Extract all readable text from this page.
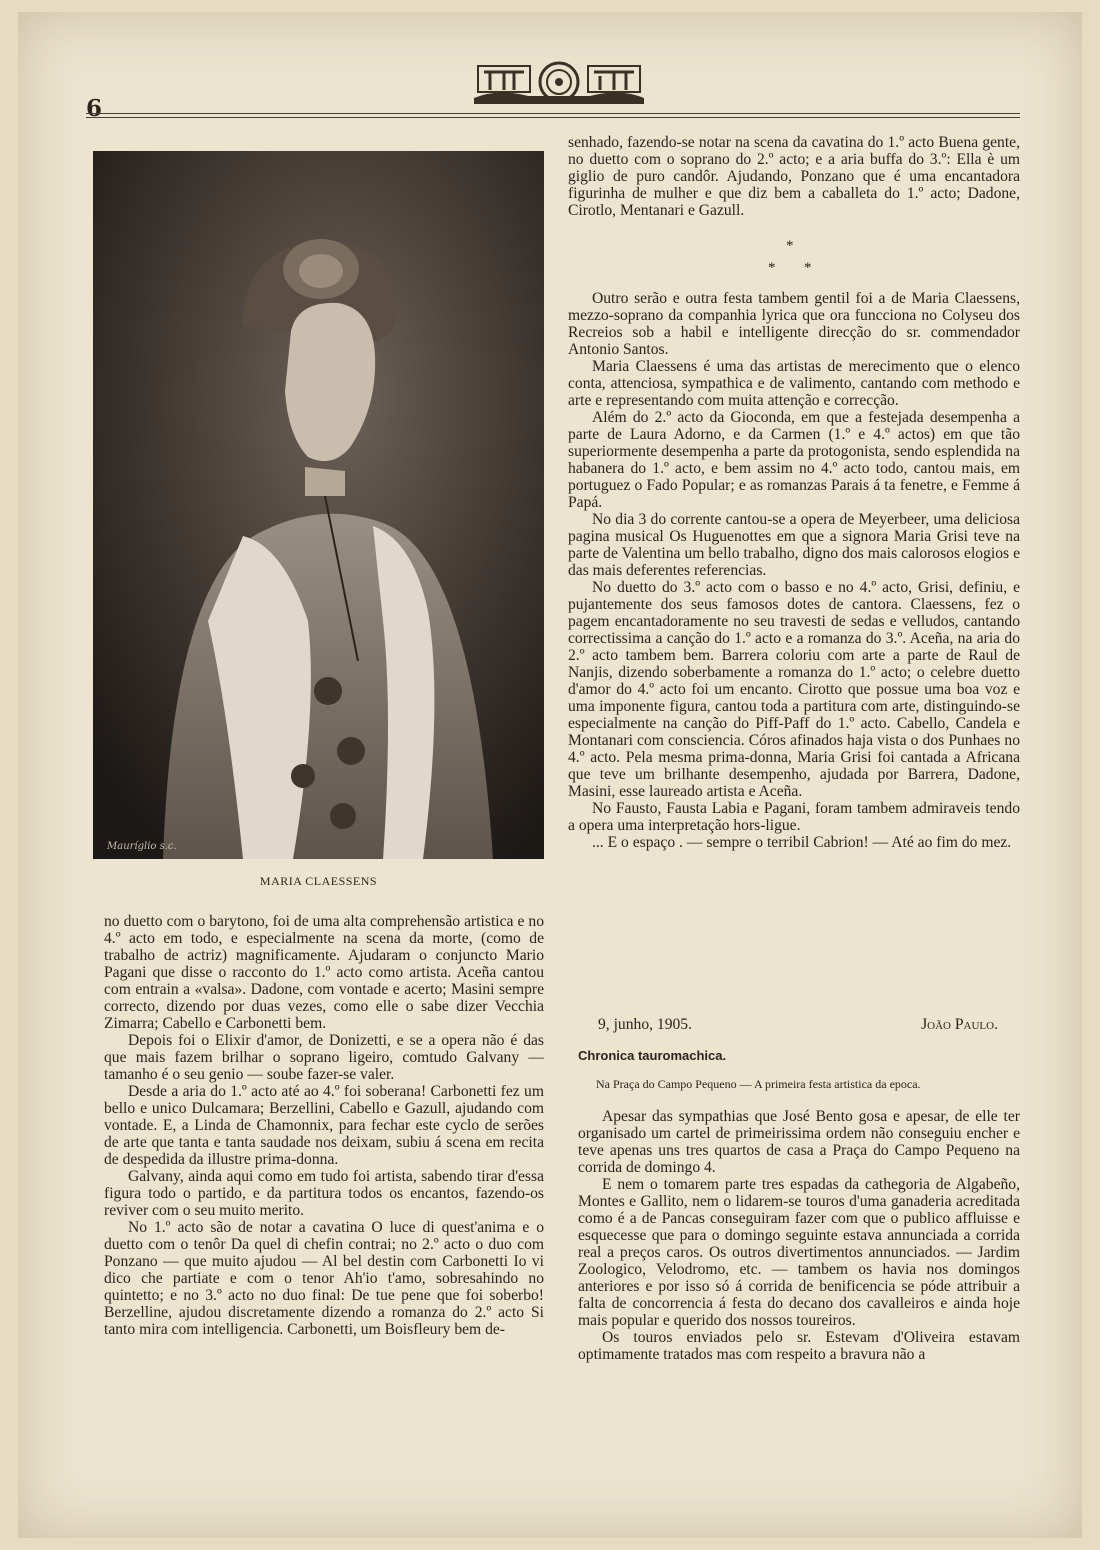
6
Mauríglio s.c.
MARIA CLAESSENS

no duetto com o barytono, foi de uma alta comprehensão artistica e no 4.º acto em todo, e especialmente na scena da morte, (como de trabalho de actriz) magnificamente. Ajudaram o conjuncto Mario Pagani que disse o racconto do 1.º acto como artista. Aceña cantou com entrain a «valsa». Dadone, com vontade e acerto; Masini sempre correcto, dizendo por duas vezes, como elle o sabe dizer Vecchia Zimarra; Cabello e Carbonetti bem.

Depois foi o Elixir d'amor, de Donizetti, e se a opera não é das que mais fazem brilhar o soprano ligeiro, comtudo Galvany — tamanho é o seu genio — soube fazer-se valer.

Desde a aria do 1.º acto até ao 4.º foi soberana! Carbonetti fez um bello e unico Dulcamara; Berzellini, Cabello e Gazull, ajudando com vontade. E, a Linda de Chamonnix, para fechar este cyclo de serões de arte que tanta e tanta saudade nos deixam, subiu á scena em recita de despedida da illustre prima-donna.

Galvany, ainda aqui como em tudo foi artista, sabendo tirar d'essa figura todo o partido, e da partitura todos os encantos, fazendo-os reviver com o seu muito merito.

No 1.º acto são de notar a cavatina O luce di quest'anima e o duetto com o tenôr Da quel di chefin contrai; no 2.º acto o duo com Ponzano — que muito ajudou — Al bel destin com Carbonetti Io vi dico che partiate e com o tenor Ah'io t'amo, sobresahindo no quintetto; e no 3.º acto no duo final: De tue pene que foi soberbo! Berzelline, ajudou discretamente dizendo a romanza do 2.º acto Si tanto mira com intelligencia. Carbonetti, um Boisfleury bem de-

senhado, fazendo-se notar na scena da cavatina do 1.º acto Buena gente, no duetto com o soprano do 2.º acto; e a aria buffa do 3.º: Ella è um giglio de puro candôr. Ajudando, Ponzano que é uma encantadora figurinha de mulher e que diz bem a caballeta do 1.º acto; Dadone, Cirotlo, Mentanari e Gazull.

*
* *

Outro serão e outra festa tambem gentil foi a de Maria Claessens, mezzo-soprano da companhia lyrica que ora funcciona no Colyseu dos Recreios sob a habil e intelligente direcção do sr. commendador Antonio Santos.

Maria Claessens é uma das artistas de merecimento que o elenco conta, attenciosa, sympathica e de valimento, cantando com methodo e arte e representando com muita attenção e correcção.

Além do 2.º acto da Gioconda, em que a festejada desempenha a parte de Laura Adorno, e da Carmen (1.º e 4.º actos) em que tão superiormente desempenha a parte da protogonista, sendo esplendida na habanera do 1.º acto, e bem assim no 4.º acto todo, cantou mais, em portuguez o Fado Popular; e as romanzas Parais á ta fenetre, e Femme á Papá.

No dia 3 do corrente cantou-se a opera de Meyerbeer, uma deliciosa pagina musical Os Huguenottes em que a signora Maria Grisi teve na parte de Valentina um bello trabalho, digno dos mais calorosos elogios e das mais deferentes referencias.

No duetto do 3.º acto com o basso e no 4.º acto, Grisi, definiu, e pujantemente dos seus famosos dotes de cantora. Claessens, fez o pagem encantadoramente no seu travesti de sedas e velludos, cantando correctissima a canção do 1.º acto e a romanza do 3.º. Aceña, na aria do 2.º acto tambem bem. Barrera coloriu com arte a parte de Raul de Nanjis, dizendo soberbamente a romanza do 1.º acto; o celebre duetto d'amor do 4.º acto foi um encanto. Cirotto que possue uma boa voz e uma imponente figura, cantou toda a partitura com arte, distinguindo-se especialmente na canção do Piff-Paff do 1.º acto. Cabello, Candela e Montanari com consciencia. Córos afinados haja vista o dos Punhaes no 4.º acto. Pela mesma prima-donna, Maria Grisi foi cantada a Africana que teve um brilhante desempenho, ajudada por Barrera, Dadone, Masini, esse laureado artista e Aceña.

No Fausto, Fausta Labia e Pagani, foram tambem admiraveis tendo a opera uma interpretação hors-ligue.

... E o espaço . — sempre o terribil Cabrion! — Até ao fim do mez.

9, junho, 1905.	João Paulo.
Chronica tauromachica.
Na Praça do Campo Pequeno — A primeira festa artistica da epoca.

Apesar das sympathias que José Bento gosa e apesar, de elle ter organisado um cartel de primeirissima ordem não conseguiu encher e teve apenas uns tres quartos de casa a Praça do Campo Pequeno na corrida de domingo 4.

E nem o tomarem parte tres espadas da cathegoria de Algabeño, Montes e Gallito, nem o lidarem-se touros d'uma ganaderia acreditada como é a de Pancas conseguiram fazer com que o publico affluisse e esquecesse que para o domingo seguinte estava annunciada a corrida real a preços caros. Os outros divertimentos annunciados. — Jardim Zoologico, Velodromo, etc. — tambem os havia nos domingos anteriores e por isso só á corrida de benificencia se póde attribuir a falta de concorrencia á festa do decano dos cavalleiros e ainda hoje mais popular e querido dos nossos toureiros.

Os touros enviados pelo sr. Estevam d'Oliveira estavam optimamente tratados mas com respeito a bravura não a
